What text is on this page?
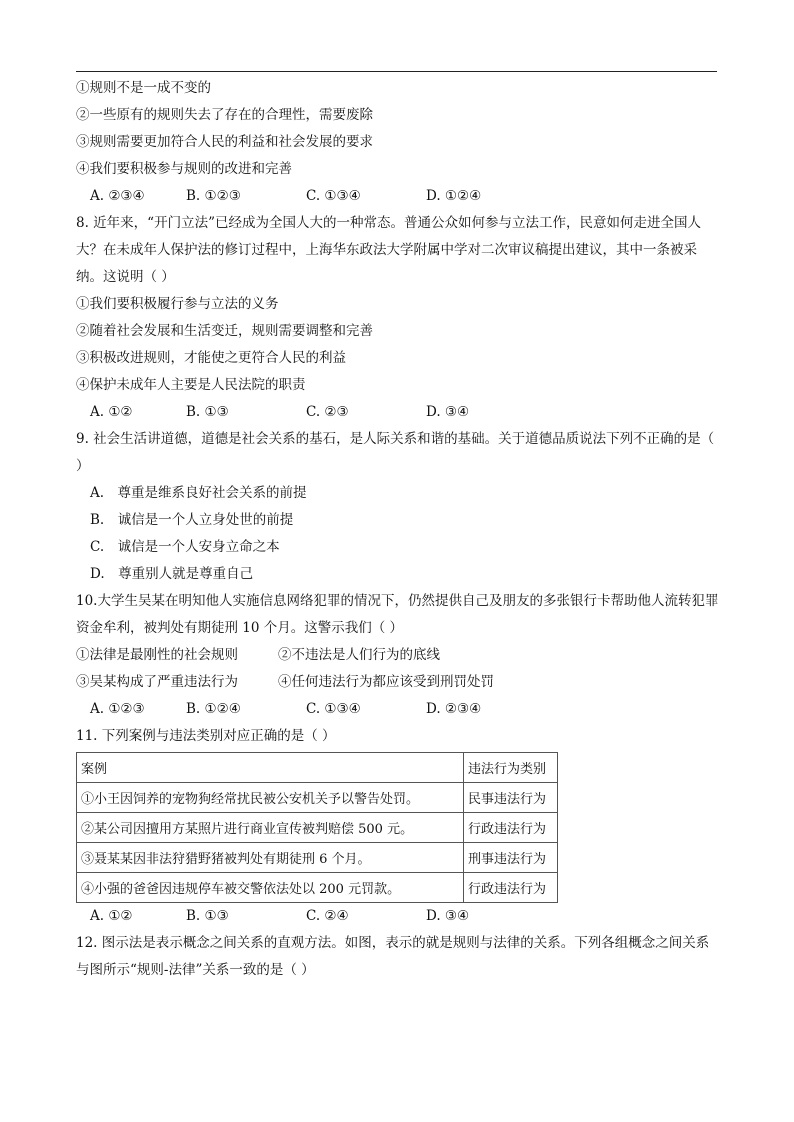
①规则不是一成不变的
②一些原有的规则失去了存在的合理性，需要废除
③规则需要更加符合人民的利益和社会发展的要求
④我们要积极参与规则的改进和完善
A. ②③④	B. ①②③	C. ①③④	D. ①②④
8. 近年来，“开门立法”已经成为全国人大的一种常态。普通公众如何参与立法工作，民意如何走进全国人大？在未成年人保护法的修订过程中，上海华东政法大学附属中学对二次审议稿提出建议，其中一条被采纳。这说明（ ）
①我们要积极履行参与立法的义务
②随着社会发展和生活变迁，规则需要调整和完善
③积极改进规则，才能使之更符合人民的利益
④保护未成年人主要是人民法院的职责
A. ①②	B. ①③	C. ②③	D. ③④
9. 社会生活讲道德，道德是社会关系的基石，是人际关系和谐的基础。关于道德品质说法下列不正确的是（ ）
A.　尊重是维系良好社会关系的前提
B.　诚信是一个人立身处世的前提
C.　诚信是一个人安身立命之本
D.　尊重别人就是尊重自己
10.大学生吴某在明知他人实施信息网络犯罪的情况下，仍然提供自己及朋友的多张银行卡帮助他人流转犯罪资金牟利，被判处有期徒刑 10 个月。这警示我们（ ）
①法律是最刚性的社会规则	②不违法是人们行为的底线
③吴某构成了严重违法行为	④任何违法行为都应该受到刑罚处罚
A. ①②③	B. ①②④	C. ①③④	D. ②③④
11. 下列案例与违法类别对应正确的是（ ）
案例	违法行为类别
①小王因饲养的宠物狗经常扰民被公安机关予以警告处罚。	民事违法行为
②某公司因擅用方某照片进行商业宣传被判赔偿 500 元。	行政违法行为
③聂某某因非法狩猎野猪被判处有期徒刑 6 个月。	刑事违法行为
④小强的爸爸因违规停车被交警依法处以 200 元罚款。	行政违法行为
A. ①②	B. ①③	C. ②④	D. ③④
12. 图示法是表示概念之间关系的直观方法。如图，表示的就是规则与法律的关系。下列各组概念之间关系与图所示“规则-法律”关系一致的是（ ）
